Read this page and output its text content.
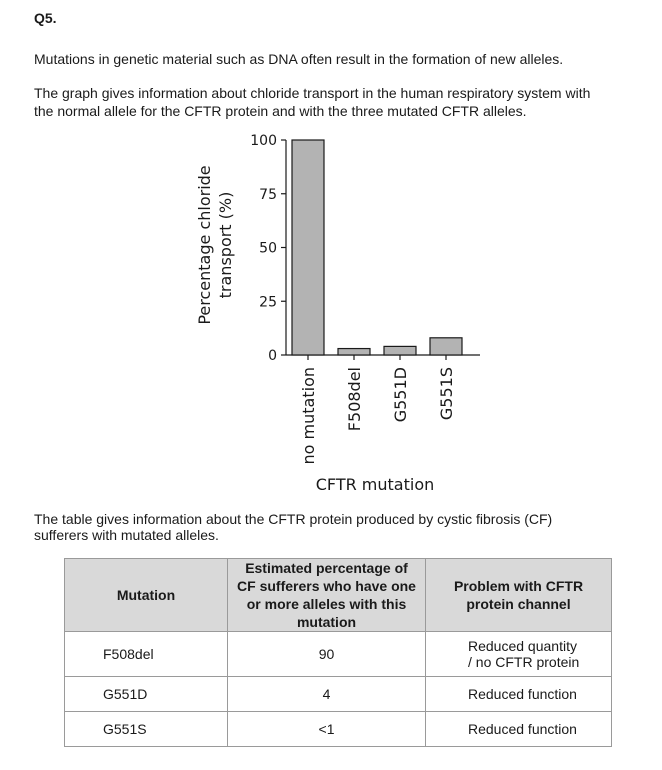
Q5.
Mutations in genetic material such as DNA often result in the formation of new alleles.
The graph gives information about chloride transport in the human respiratory system with
the normal allele for the CFTR protein and with the three mutated CFTR alleles.
0
25
50
75
100
no mutation F508del G551D G551S
Percentage chloride transport (%)
CFTR mutation
The table gives information about the CFTR protein produced by cystic fibrosis (CF)
sufferers with mutated alleles.
Mutation	Estimated percentage of CF sufferers who have one or more alleles with this mutation	Problem with CFTR protein channel
F508del	90	Reduced quantity
/ no CFTR protein

G551D	4	Reduced function
G551S	<1	Reduced function
